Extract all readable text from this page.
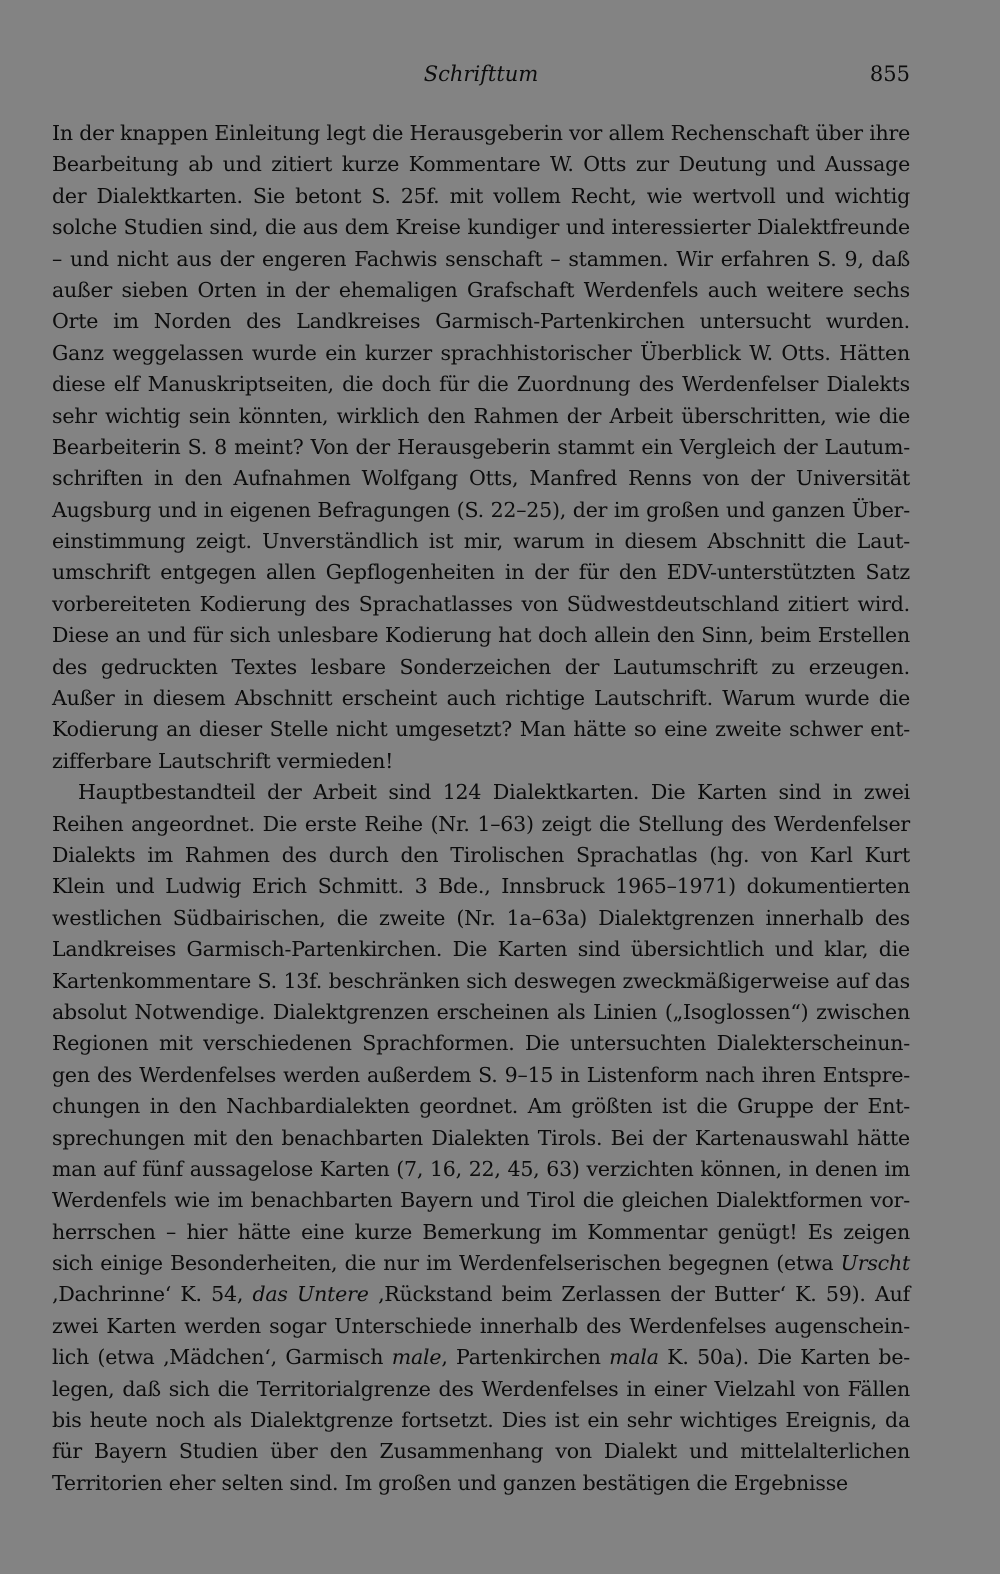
Schrifttum	855

In der knappen Einleitung legt die Herausgeberin vor allem Rechenschaft über ihre
Bearbeitung ab und zitiert kurze Kommentare W. Otts zur Deutung und Aussage
der Dialektkarten. Sie betont S. 25f. mit vollem Recht, wie wertvoll und wichtig
solche Studien sind, die aus dem Kreise kundiger und interessierter Dialektfreunde
– und nicht aus der engeren Fachwis senschaft – stammen. Wir erfahren S. 9, daß
außer sieben Orten in der ehemaligen Grafschaft Werdenfels auch weitere sechs
Orte im Norden des Landkreises Garmisch-Partenkirchen untersucht wurden.
Ganz weggelassen wurde ein kurzer sprachhistorischer Überblick W. Otts. Hätten
diese elf Manuskriptseiten, die doch für die Zuordnung des Werdenfelser Dialekts
sehr wichtig sein könnten, wirklich den Rahmen der Arbeit überschritten, wie die
Bearbeiterin S. 8 meint? Von der Herausgeberin stammt ein Vergleich der Lautum-
schriften in den Aufnahmen Wolfgang Otts, Manfred Renns von der Universität
Augsburg und in eigenen Befragungen (S. 22–25), der im großen und ganzen Über-
einstimmung zeigt. Unverständlich ist mir, warum in diesem Abschnitt die Laut-
umschrift entgegen allen Gepflogenheiten in der für den EDV-unterstützten Satz
vorbereiteten Kodierung des Sprachatlasses von Südwestdeutschland zitiert wird.
Diese an und für sich unlesbare Kodierung hat doch allein den Sinn, beim Erstellen
des gedruckten Textes lesbare Sonderzeichen der Lautumschrift zu erzeugen.
Außer in diesem Abschnitt erscheint auch richtige Lautschrift. Warum wurde die
Kodierung an dieser Stelle nicht umgesetzt? Man hätte so eine zweite schwer ent-
zifferbare Lautschrift vermieden!

Hauptbestandteil der Arbeit sind 124 Dialektkarten. Die Karten sind in zwei
Reihen angeordnet. Die erste Reihe (Nr. 1–63) zeigt die Stellung des Werdenfelser
Dialekts im Rahmen des durch den Tirolischen Sprachatlas (hg. von Karl Kurt
Klein und Ludwig Erich Schmitt. 3 Bde., Innsbruck 1965–1971) dokumentierten
westlichen Südbairischen, die zweite (Nr. 1a–63a) Dialektgrenzen innerhalb des
Landkreises Garmisch-Partenkirchen. Die Karten sind übersichtlich und klar, die
Kartenkommentare S. 13f. beschränken sich deswegen zweckmäßigerweise auf das
absolut Notwendige. Dialektgrenzen erscheinen als Linien („Isoglossen“) zwischen
Regionen mit verschiedenen Sprachformen. Die untersuchten Dialekterscheinun-
gen des Werdenfelses werden außerdem S. 9–15 in Listenform nach ihren Entspre-
chungen in den Nachbardialekten geordnet. Am größten ist die Gruppe der Ent-
sprechungen mit den benachbarten Dialekten Tirols. Bei der Kartenauswahl hätte
man auf fünf aussagelose Karten (7, 16, 22, 45, 63) verzichten können, in denen im
Werdenfels wie im benachbarten Bayern und Tirol die gleichen Dialektformen vor-
herrschen – hier hätte eine kurze Bemerkung im Kommentar genügt! Es zeigen
sich einige Besonderheiten, die nur im Werdenfelserischen begegnen (etwa Urscht
‚Dachrinne‘ K. 54, das Untere ‚Rückstand beim Zerlassen der Butter‘ K. 59). Auf
zwei Karten werden sogar Unterschiede innerhalb des Werdenfelses augenschein-
lich (etwa ‚Mädchen‘, Garmisch male, Partenkirchen mala K. 50a). Die Karten be-
legen, daß sich die Territorialgrenze des Werdenfelses in einer Vielzahl von Fällen
bis heute noch als Dialektgrenze fortsetzt. Dies ist ein sehr wichtiges Ereignis, da
für Bayern Studien über den Zusammenhang von Dialekt und mittelalterlichen
Territorien eher selten sind. Im großen und ganzen bestätigen die Ergebnisse
